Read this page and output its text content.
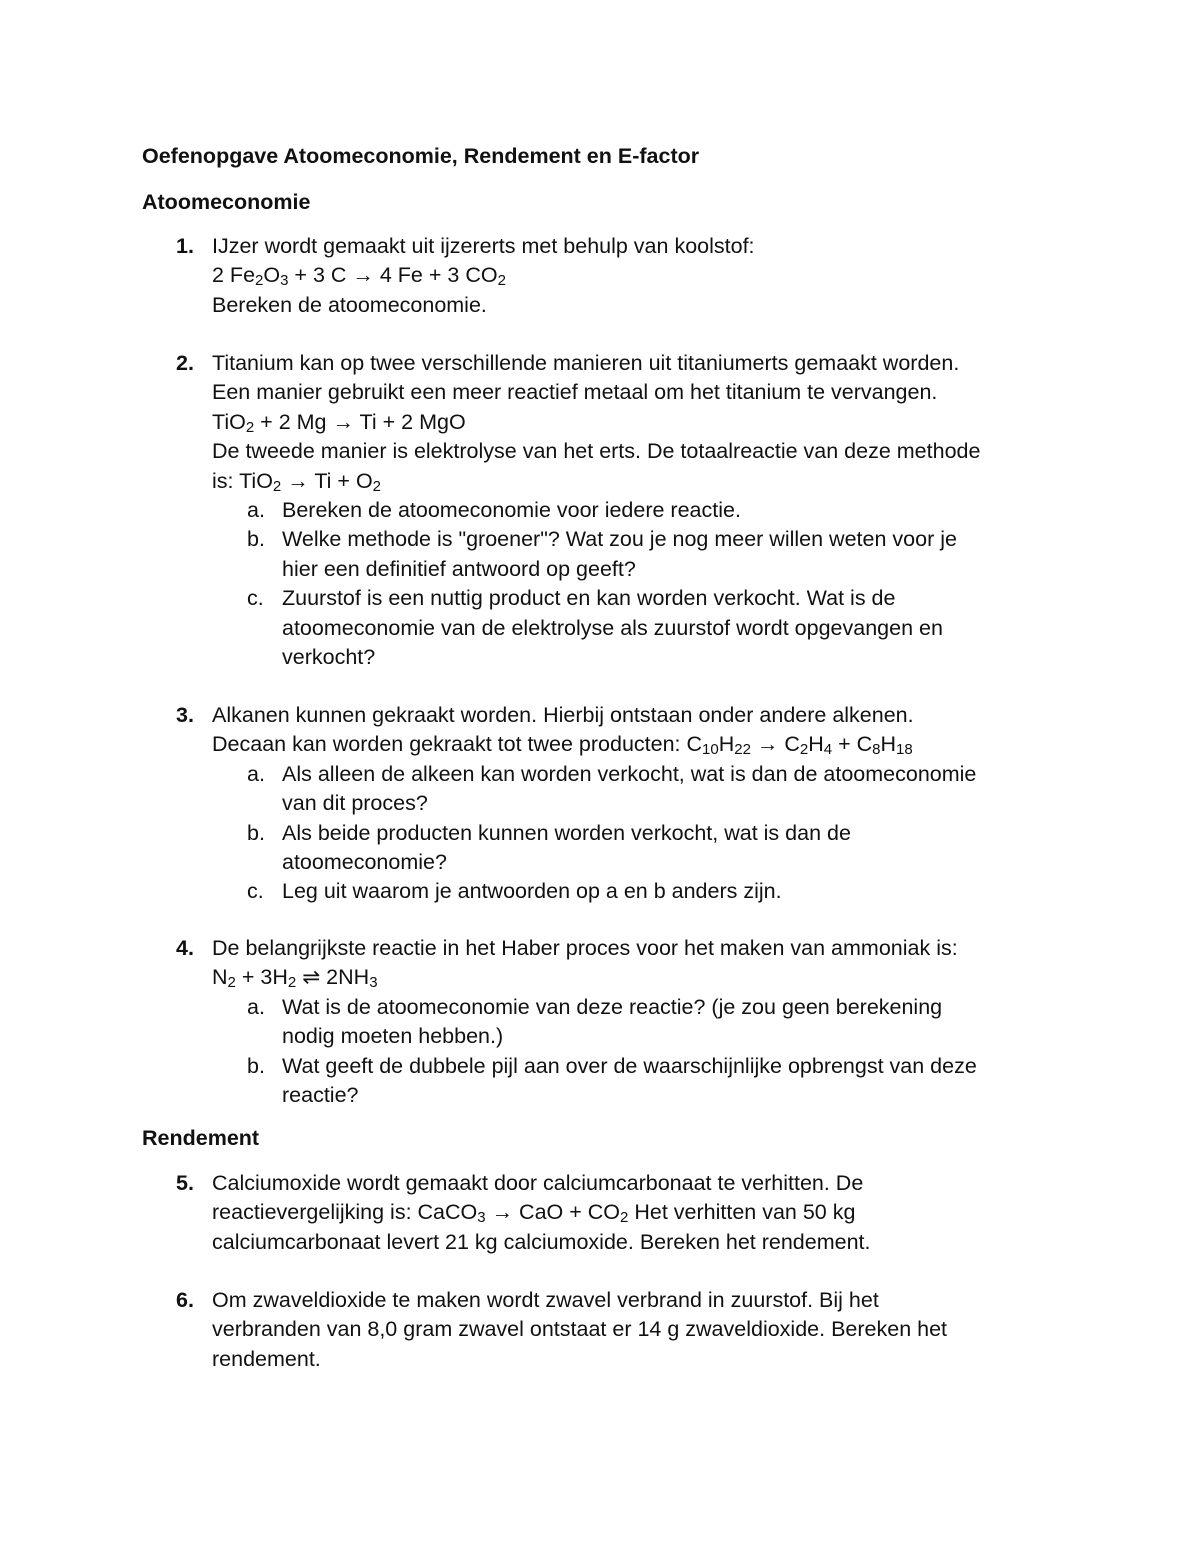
Oefenopgave Atoomeconomie, Rendement en E-factor
Atoomeconomie
1. IJzer wordt gemaakt uit ijzererts met behulp van koolstof:
2 $Fe_2O_3 + 3$ C → 4 Fe + 3 $CO_2$
Bereken de atoomeconomie.
2. Titanium kan op twee verschillende manieren uit titaniumerts gemaakt worden.
Een manier gebruikt een meer reactief metaal om het titanium te vervangen.
TiO$_2$ + 2 Mg → Ti + 2 MgO
De tweede manier is elektrolyse van het erts. De totaalreactie van deze methode
is: $TiO_2 \to Ti + O_2$
a. Bereken de atoomeconomie voor iedere reactie.
b. Welke methode is "groener"? Wat zou je nog meer willen weten voor je
hier een definitief antwoord op geeft?
c. Zuurstof is een nuttig product en kan worden verkocht. Wat is de
atoomeconomie van de elektrolyse als zuurstof wordt opgevangen en
verkocht?
3. Alkanen kunnen gekraakt worden. Hierbij ontstaan onder andere alkenen.
Decaan kan worden gekraakt tot twee producten: $C_{10}H_{22} \to C_2H_4 + C_8H_{18}$
a. Als alleen de alkeen kan worden verkocht, wat is dan de atoomeconomie
van dit proces?
b. Als beide producten kunnen worden verkocht, wat is dan de
atoomeconomie?
c. Leg uit waarom je antwoorden op a en b anders zijn.
4. De belangrijkste reactie in het Haber proces voor het maken van ammoniak is:
$N_2 + 3H_2$ ⇌ $2NH_3$
a. Wat is de atoomeconomie van deze reactie? (je zou geen berekening
nodig moeten hebben.)
b. Wat geeft de dubbele pijl aan over de waarschijnlijke opbrengst van deze
reactie?
Rendement
5. Calciumoxide wordt gemaakt door calciumcarbonaat te verhitten. De
reactievergelijking is: CaCO$_3$ → CaO + $CO_2$ Het verhitten van 50 kg
calciumcarbonaat levert 21 kg calciumoxide. Bereken het rendement.
6. Om zwaveldioxide te maken wordt zwavel verbrand in zuurstof. Bij het
verbranden van 8,0 gram zwavel ontstaat er 14 g zwaveldioxide. Bereken het
rendement.
